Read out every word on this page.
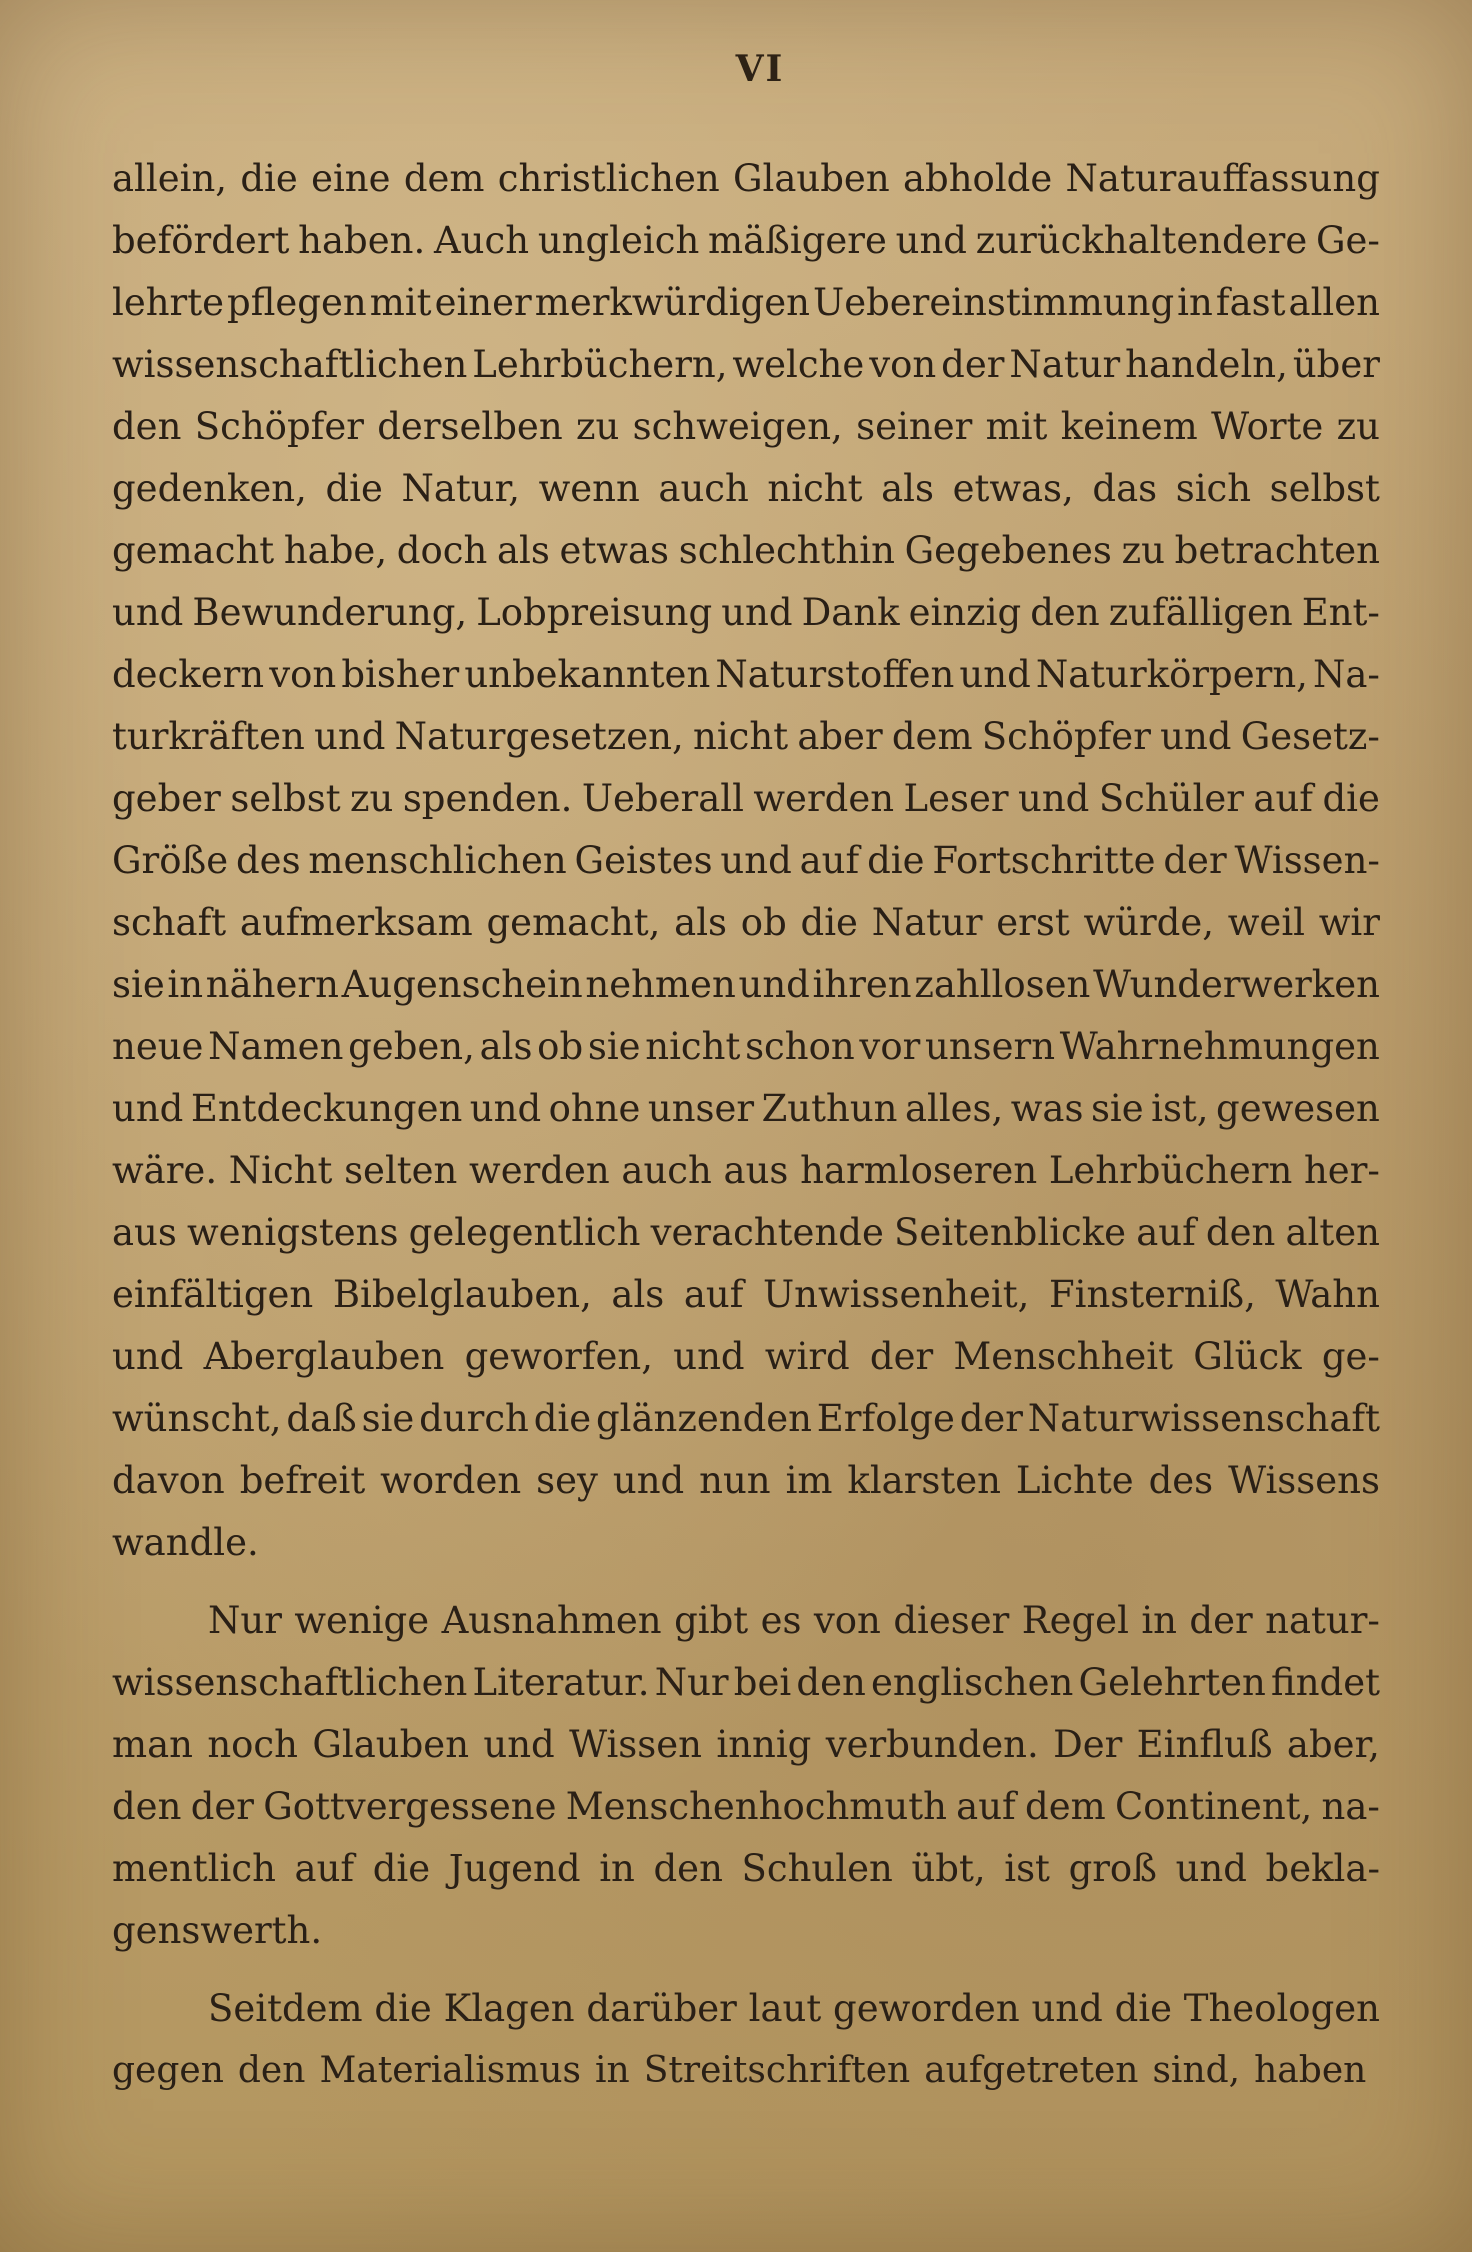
VI
allein, die eine dem christlichen Glauben abholde Naturauffassung
befördert haben. Auch ungleich mäßigere und zurückhaltendere Ge-
lehrte pflegen mit einer merkwürdigen Uebereinstimmung in fast allen
wissenschaftlichen Lehrbüchern, welche von der Natur handeln, über
den Schöpfer derselben zu schweigen, seiner mit keinem Worte zu
gedenken, die Natur, wenn auch nicht als etwas, das sich selbst
gemacht habe, doch als etwas schlechthin Gegebenes zu betrachten
und Bewunderung, Lobpreisung und Dank einzig den zufälligen Ent-
deckern von bisher unbekannten Naturstoffen und Naturkörpern, Na-
turkräften und Naturgesetzen, nicht aber dem Schöpfer und Gesetz-
geber selbst zu spenden. Ueberall werden Leser und Schüler auf die
Größe des menschlichen Geistes und auf die Fortschritte der Wissen-
schaft aufmerksam gemacht, als ob die Natur erst würde, weil wir
sie in nähern Augenschein nehmen und ihren zahllosen Wunderwerken
neue Namen geben, als ob sie nicht schon vor unsern Wahrnehmungen
und Entdeckungen und ohne unser Zuthun alles, was sie ist, gewesen
wäre. Nicht selten werden auch aus harmloseren Lehrbüchern her-
aus wenigstens gelegentlich verachtende Seitenblicke auf den alten
einfältigen Bibelglauben, als auf Unwissenheit, Finsterniß, Wahn
und Aberglauben geworfen, und wird der Menschheit Glück ge-
wünscht, daß sie durch die glänzenden Erfolge der Naturwissenschaft
davon befreit worden sey und nun im klarsten Lichte des Wissens
wandle.
Nur wenige Ausnahmen gibt es von dieser Regel in der natur-
wissenschaftlichen Literatur. Nur bei den englischen Gelehrten findet
man noch Glauben und Wissen innig verbunden. Der Einfluß aber,
den der Gottvergessene Menschenhochmuth auf dem Continent, na-
mentlich auf die Jugend in den Schulen übt, ist groß und bekla-
genswerth.
Seitdem die Klagen darüber laut geworden und die Theologen
gegen den Materialismus in Streitschriften aufgetreten sind, haben
